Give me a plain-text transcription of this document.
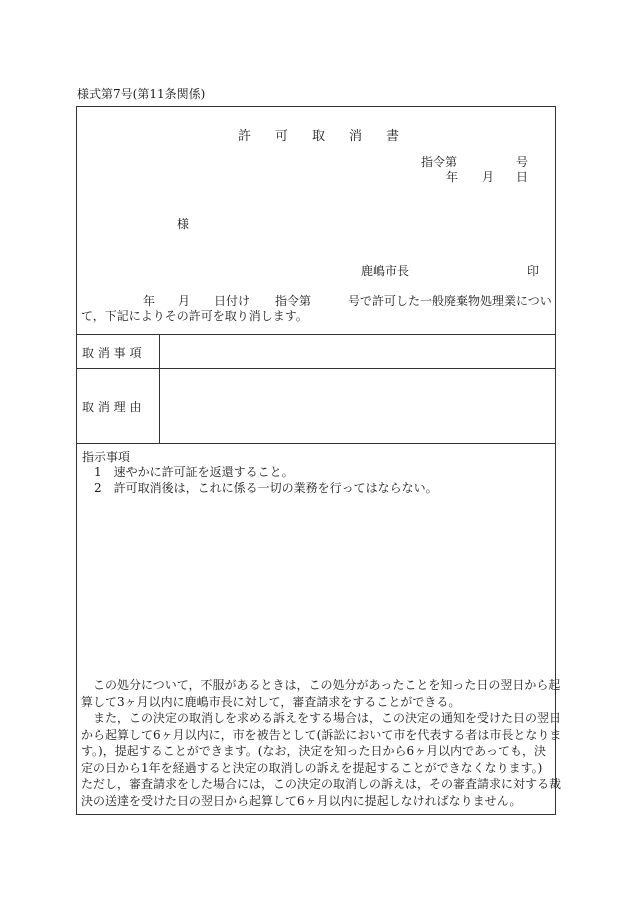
様式第7号(第11条関係)
許 可 取 消 書
指令第	号
年 月 日
様
鹿嶋市長	印
年 月 日付け 指令第	号で許可した一般廃棄物処理業につい
て，下記によりその許可を取り消します。
取 消 事 項
取 消 理 由
指示事項
1　速やかに許可証を返還すること。
2　許可取消後は，これに係る一切の業務を行ってはならない。
　この処分について，不服があるときは，この処分があったことを知った日の翌日から起
算して3ヶ月以内に鹿嶋市長に対して，審査請求をすることができる。
　また，この決定の取消しを求める訴えをする場合は，この決定の通知を受けた日の翌日
から起算して6ヶ月以内に，市を被告として(訴訟において市を代表する者は市長となりま
す。)，提起することができます。(なお，決定を知った日から6ヶ月以内であっても，決
定の日から1年を経過すると決定の取消しの訴えを提起することができなくなります。)
ただし，審査請求をした場合には，この決定の取消しの訴えは，その審査請求に対する裁
決の送達を受けた日の翌日から起算して6ヶ月以内に提起しなければなりません。
